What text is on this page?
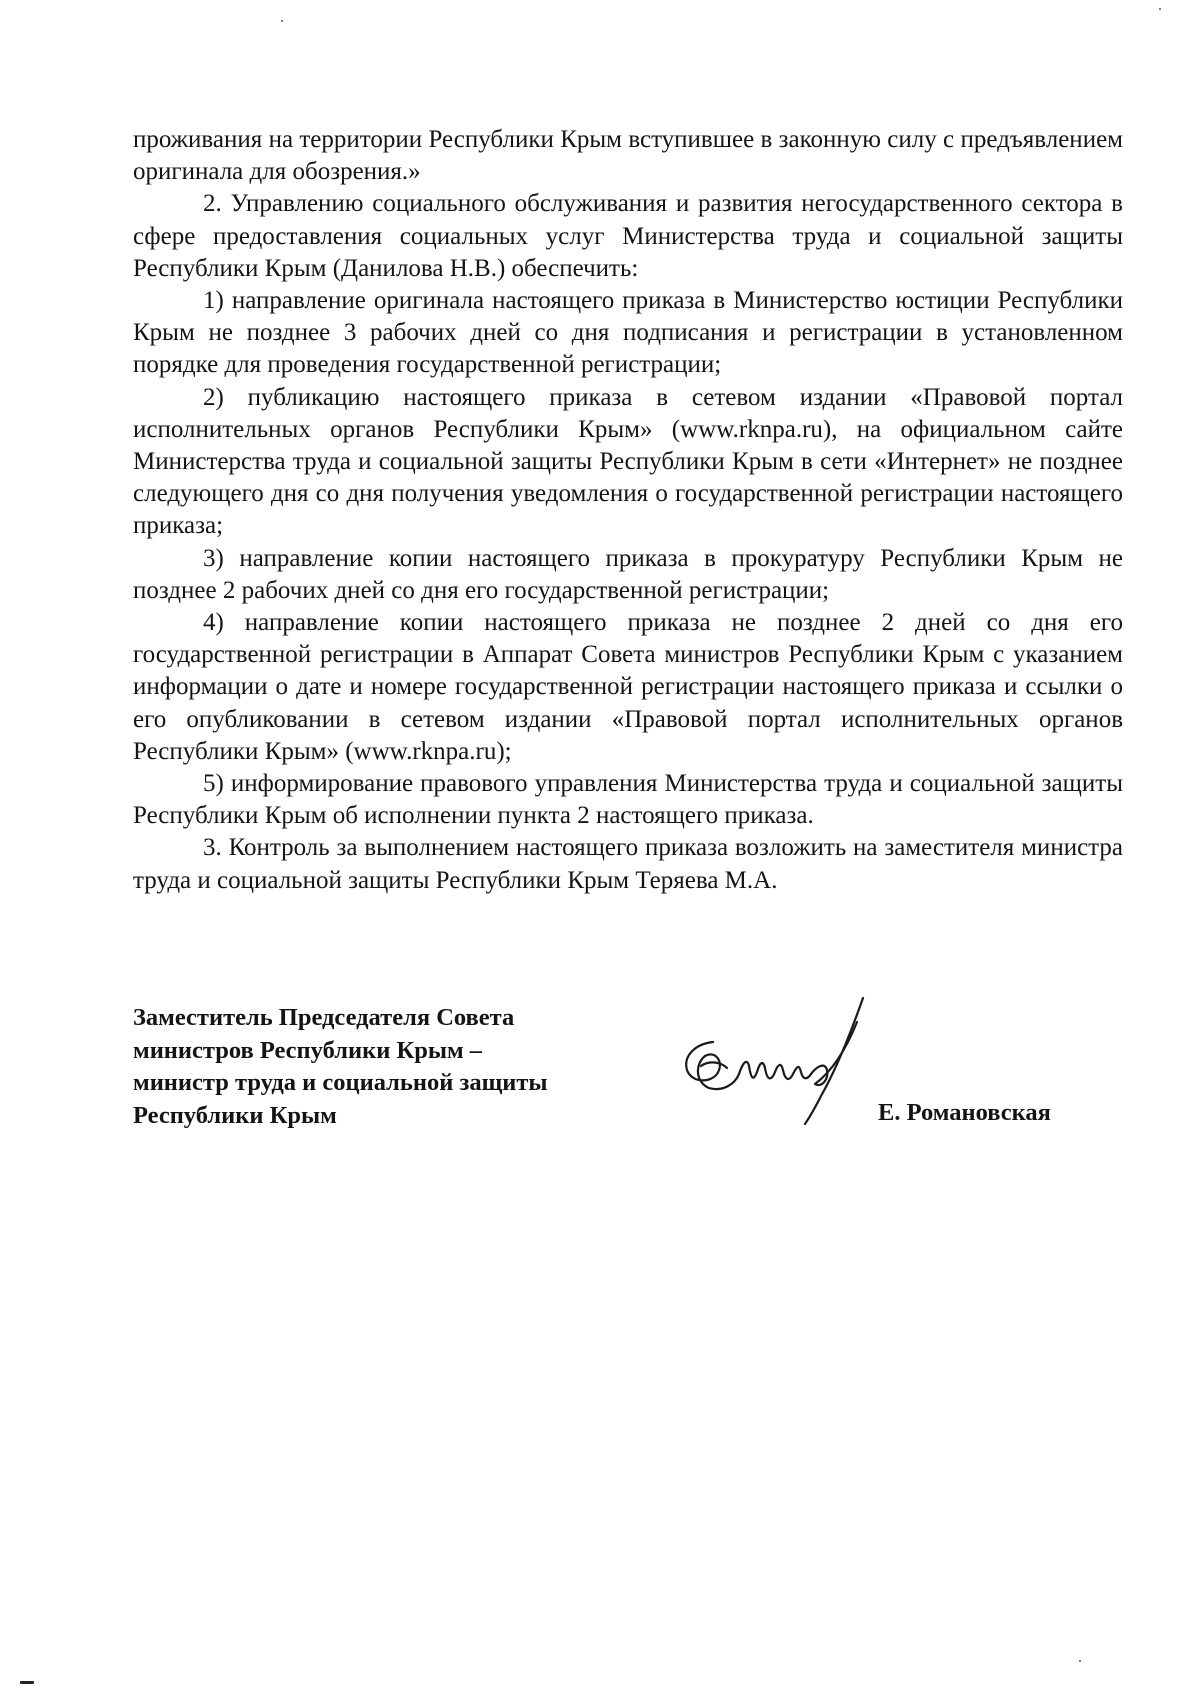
проживания на территории Республики Крым вступившее в законную силу с предъявлением оригинала для обозрения.»

2. Управлению социального обслуживания и развития негосударственного сектора в сфере предоставления социальных услуг Министерства труда и социальной защиты Республики Крым (Данилова Н.В.) обеспечить:

1) направление оригинала настоящего приказа в Министерство юстиции Республики Крым не позднее 3 рабочих дней со дня подписания и регистрации в установленном порядке для проведения государственной регистрации;

2) публикацию настоящего приказа в сетевом издании «Правовой портал исполнительных органов Республики Крым» (www.rknpa.ru), на официальном сайте Министерства труда и социальной защиты Республики Крым в сети «Интернет» не позднее следующего дня со дня получения уведомления о государственной регистрации настоящего приказа;

3) направление копии настоящего приказа в прокуратуру Республики Крым не позднее 2 рабочих дней со дня его государственной регистрации;

4) направление копии настоящего приказа не позднее 2 дней со дня его государственной регистрации в Аппарат Совета министров Республики Крым с указанием информации о дате и номере государственной регистрации настоящего приказа и ссылки о его опубликовании в сетевом издании «Правовой портал исполнительных органов Республики Крым» (www.rknpa.ru);

5) информирование правового управления Министерства труда и социальной защиты Республики Крым об исполнении пункта 2 настоящего приказа.

3. Контроль за выполнением настоящего приказа возложить на заместителя министра труда и социальной защиты Республики Крым Теряева М.А.

Заместитель Председателя Совета
министров Республики Крым –
министр труда и социальной защиты
Республики Крым	Е. Романовская
